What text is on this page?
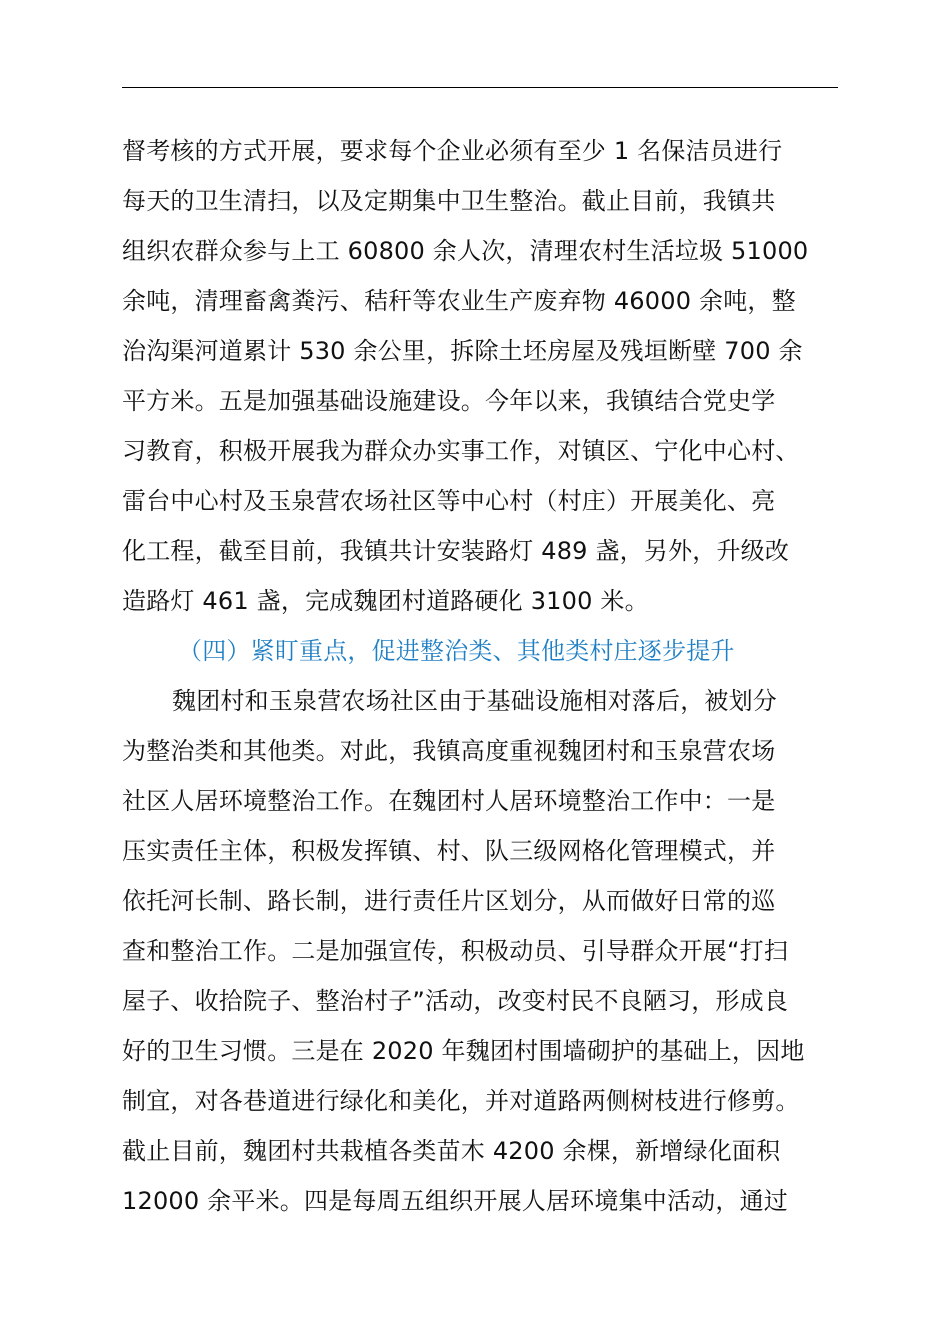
督考核的方式开展，要求每个企业必须有至少 1 名保洁员进行
每天的卫生清扫，以及定期集中卫生整治。截止目前，我镇共
组织农群众参与上工 60800 余人次，清理农村生活垃圾 51000
余吨，清理畜禽粪污、秸秆等农业生产废弃物 46000 余吨，整
治沟渠河道累计 530 余公里，拆除土坯房屋及残垣断壁 700 余
平方米。五是加强基础设施建设。今年以来，我镇结合党史学
习教育，积极开展我为群众办实事工作，对镇区、宁化中心村、
雷台中心村及玉泉营农场社区等中心村（村庄）开展美化、亮
化工程，截至目前，我镇共计安装路灯 489 盏，另外，升级改
造路灯 461 盏，完成魏团村道路硬化 3100 米。
（四）紧盯重点，促进整治类、其他类村庄逐步提升
魏团村和玉泉营农场社区由于基础设施相对落后，被划分
为整治类和其他类。对此，我镇高度重视魏团村和玉泉营农场
社区人居环境整治工作。在魏团村人居环境整治工作中：一是
压实责任主体，积极发挥镇、村、队三级网格化管理模式，并
依托河长制、路长制，进行责任片区划分，从而做好日常的巡
查和整治工作。二是加强宣传，积极动员、引导群众开展“打扫
屋子、收拾院子、整治村子”活动，改变村民不良陋习，形成良
好的卫生习惯。三是在 2020 年魏团村围墙砌护的基础上，因地
制宜，对各巷道进行绿化和美化，并对道路两侧树枝进行修剪。
截止目前，魏团村共栽植各类苗木 4200 余棵，新增绿化面积
12000 余平米。四是每周五组织开展人居环境集中活动，通过
